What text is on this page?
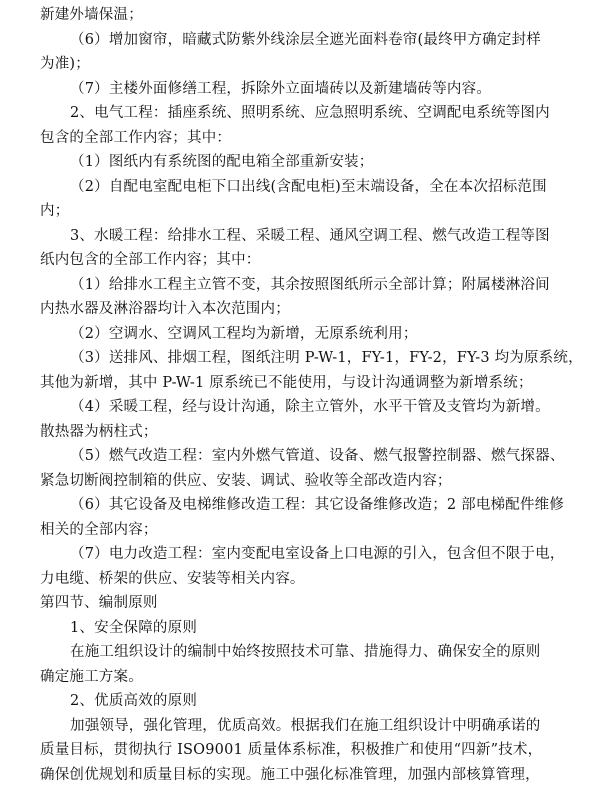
新建外墙保温；
（6）增加窗帘，暗藏式防紫外线涂层全遮光面料卷帘(最终甲方确定封样
为准)；
（7）主楼外面修缮工程，拆除外立面墙砖以及新建墙砖等内容。
2、电气工程：插座系统、照明系统、应急照明系统、空调配电系统等图内
包含的全部工作内容；其中：
（1）图纸内有系统图的配电箱全部重新安装；
（2）自配电室配电柜下口出线(含配电柜)至末端设备，全在本次招标范围
内；
3、水暖工程：给排水工程、采暖工程、通风空调工程、燃气改造工程等图
纸内包含的全部工作内容；其中：
（1）给排水工程主立管不变，其余按照图纸所示全部计算；附属楼淋浴间
内热水器及淋浴器均计入本次范围内；
（2）空调水、空调风工程均为新增，无原系统利用；
（3）送排风、排烟工程，图纸注明 P-W-1，FY-1，FY-2，FY-3 均为原系统，
其他为新增，其中 P-W-1 原系统已不能使用，与设计沟通调整为新增系统；
（4）采暖工程，经与设计沟通，除主立管外，水平干管及支管均为新增。
散热器为柄柱式；
（5）燃气改造工程：室内外燃气管道、设备、燃气报警控制器、燃气探器、
紧急切断阀控制箱的供应、安装、调试、验收等全部改造内容；
（6）其它设备及电梯维修改造工程：其它设备维修改造；2 部电梯配件维修
相关的全部内容；
（7）电力改造工程：室内变配电室设备上口电源的引入，包含但不限于电，
力电缆、桥架的供应、安装等相关内容。
第四节、编制原则
1、安全保障的原则
在施工组织设计的编制中始终按照技术可靠、措施得力、确保安全的原则
确定施工方案。
2、优质高效的原则
加强领导，强化管理，优质高效。根据我们在施工组织设计中明确承诺的
质量目标，贯彻执行 ISO9001 质量体系标准，积极推广和使用“四新”技术，
确保创优规划和质量目标的实现。施工中强化标准管理，加强内部核算管理，
